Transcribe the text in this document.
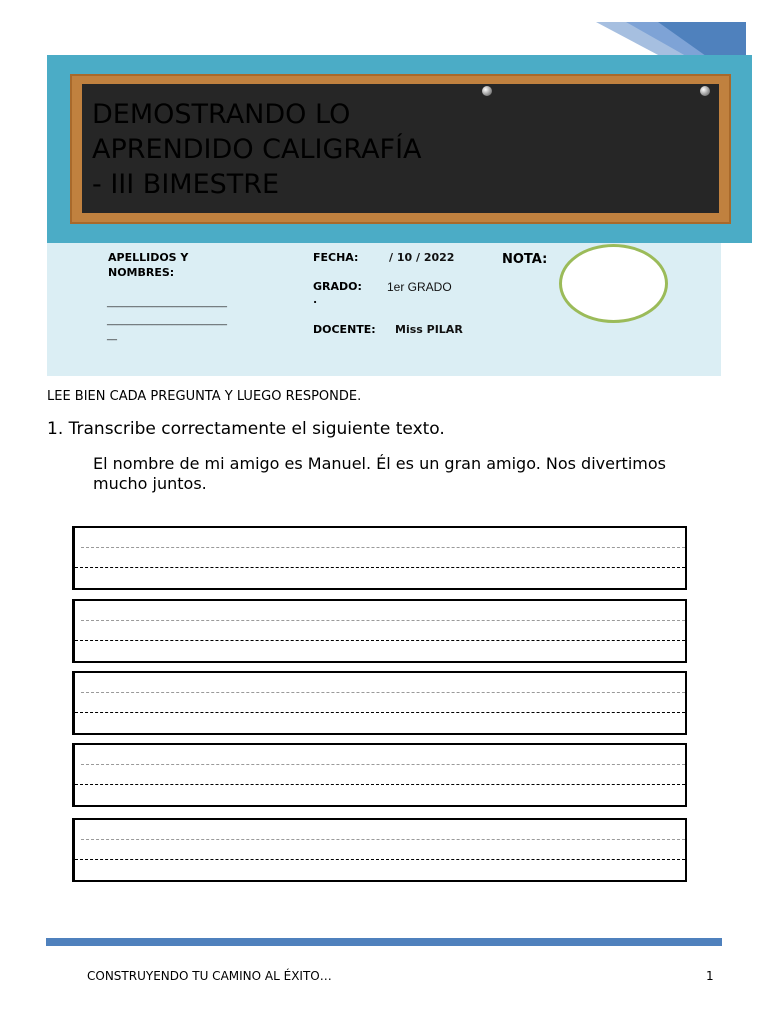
DEMOSTRANDO LO
APRENDIDO CALIGRAFÍA
- III BIMESTRE
APELLIDOS Y
NOMBRES:
________________________
________________________
__
FECHA:	/ 10 / 2022
GRADO: 1er GRADO
.
DOCENTE: Miss PILAR
NOTA:

LEE BIEN CADA PREGUNTA Y LUEGO RESPONDE.

1. Transcribe correctamente el siguiente texto.

El nombre de mi amigo es Manuel. Él es un gran amigo. Nos divertimos mucho juntos.

CONSTRUYENDO TU CAMINO AL ÉXITO…	1
